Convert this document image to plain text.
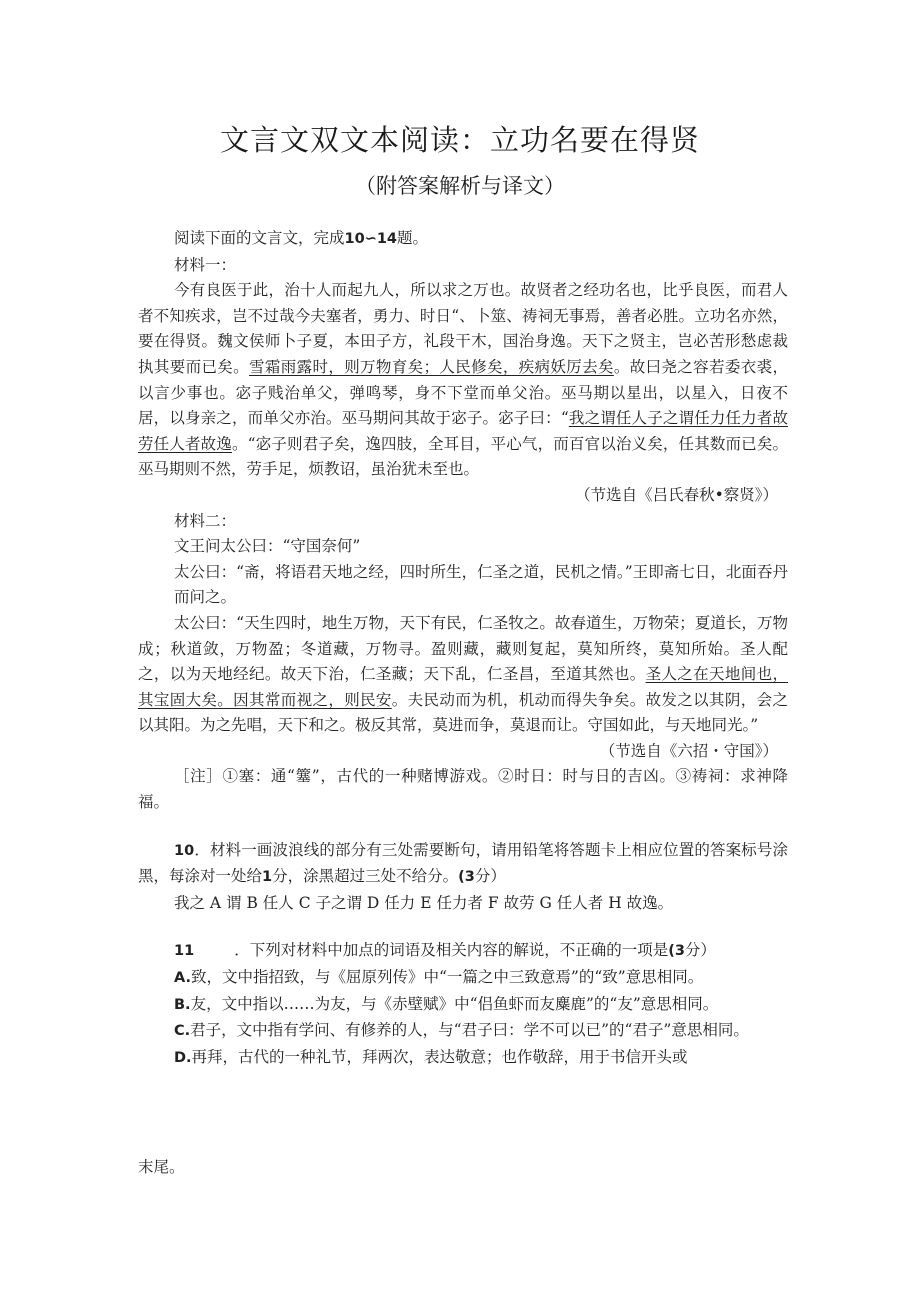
文言文双文本阅读：立功名要在得贤
（附答案解析与译文）

阅读下面的文言文，完成10∽14题。

材料一：

今有良医于此，治十人而起九人，所以求之万也。故贤者之经功名也，比乎良医，而君人者不知疾求，岂不过哉今夫塞者，勇力、时日“、卜筮、祷祠无事焉，善者必胜。立功名亦然，要在得贤。魏文侯师卜子夏，本田子方，礼段干木，国治身逸。天下之贤主，岂必苦形愁虑裁执其要而已矣。雪霜雨露时，则万物育矣；人民修矣，疾病妖厉去矣。故曰尧之容若委衣裘，以言少事也。宓子贱治单父，弹鸣琴，身不下堂而单父治。巫马期以星出，以星入，日夜不居，以身亲之，而单父亦治。巫马期问其故于宓子。宓子曰：“我之谓任人子之谓任力任力者故劳任人者故逸。“宓子则君子矣，逸四肢，全耳目，平心气，而百官以治义矣，任其数而已矣。巫马期则不然，劳手足，烦教诏，虽治犹未至也。

（节选自《吕氏春秋•察贤》）

材料二：

文王问太公曰：“守国奈何”

太公曰：“斋，将语君天地之经，四时所生，仁圣之道，民机之情。”王即斋七日，北面吞丹而问之。

太公曰：“天生四时，地生万物，天下有民，仁圣牧之。故春道生，万物荣；夏道长，万物成；秋道敛，万物盈；冬道藏，万物寻。盈则藏，藏则复起，莫知所终，莫知所始。圣人配之，以为天地经纪。故天下治，仁圣藏；天下乱，仁圣昌，至道其然也。圣人之在天地间也，其宝固大矣。因其常而视之，则民安。夫民动而为机，机动而得失争矣。故发之以其阴，会之以其阳。为之先唱，天下和之。极反其常，莫进而争，莫退而让。守国如此，与天地同光。”

（节选自《六招・守国》）

［注］①塞：通“簺”，古代的一种赌博游戏。②时日：时与日的吉凶。③祷祠：求神降福。

10．材料一画波浪线的部分有三处需要断句，请用铅笔将答题卡上相应位置的答案标号涂黑，每涂对一处给1分，涂黑超过三处不给分。(3分）

我之 A 谓 B 任人 C 子之谓 D 任力 E 任力者 F 故劳 G 任人者 H 故逸。

11	．下列对材料中加点的词语及相关内容的解说，不正确的一项是(3分）

A.致，文中指招致，与《屈原列传》中“一篇之中三致意焉”的“致”意思相同。

B.友，文中指以……为友，与《赤壁赋》中“侣鱼虾而友麋鹿”的“友”意思相同。

C.君子，文中指有学问、有修养的人，与“君子曰：学不可以已”的“君子”意思相同。

D.再拜，古代的一种礼节，拜两次，表达敬意；也作敬辞，用于书信开头或

末尾。
